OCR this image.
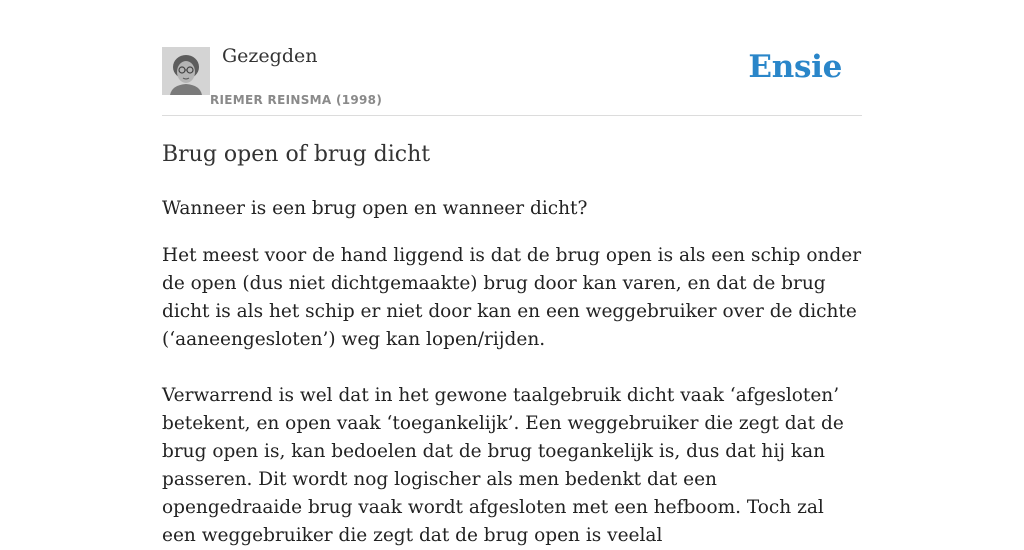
Gezegden
RIEMER REINSMA (1998)
Ensie
Brug open of brug dicht

Wanneer is een brug open en wanneer dicht?

Het meest voor de hand liggend is dat de brug open is als een schip onder de open (dus niet dichtgemaakte) brug door kan varen, en dat de brug dicht is als het schip er niet door kan en een weggebruiker over de dichte (‘aaneengesloten’) weg kan lopen/rijden.

Verwarrend is wel dat in het gewone taalgebruik dicht vaak ‘afgesloten’ betekent, en open vaak ‘toegankelijk’. Een weggebruiker die zegt dat de brug open is, kan bedoelen dat de brug toegankelijk is, dus dat hij kan passeren. Dit wordt nog logischer als men bedenkt dat een opengedraaide brug vaak wordt afgesloten met een hefboom. Toch zal een weggebruiker die zegt dat de brug open is veelal
